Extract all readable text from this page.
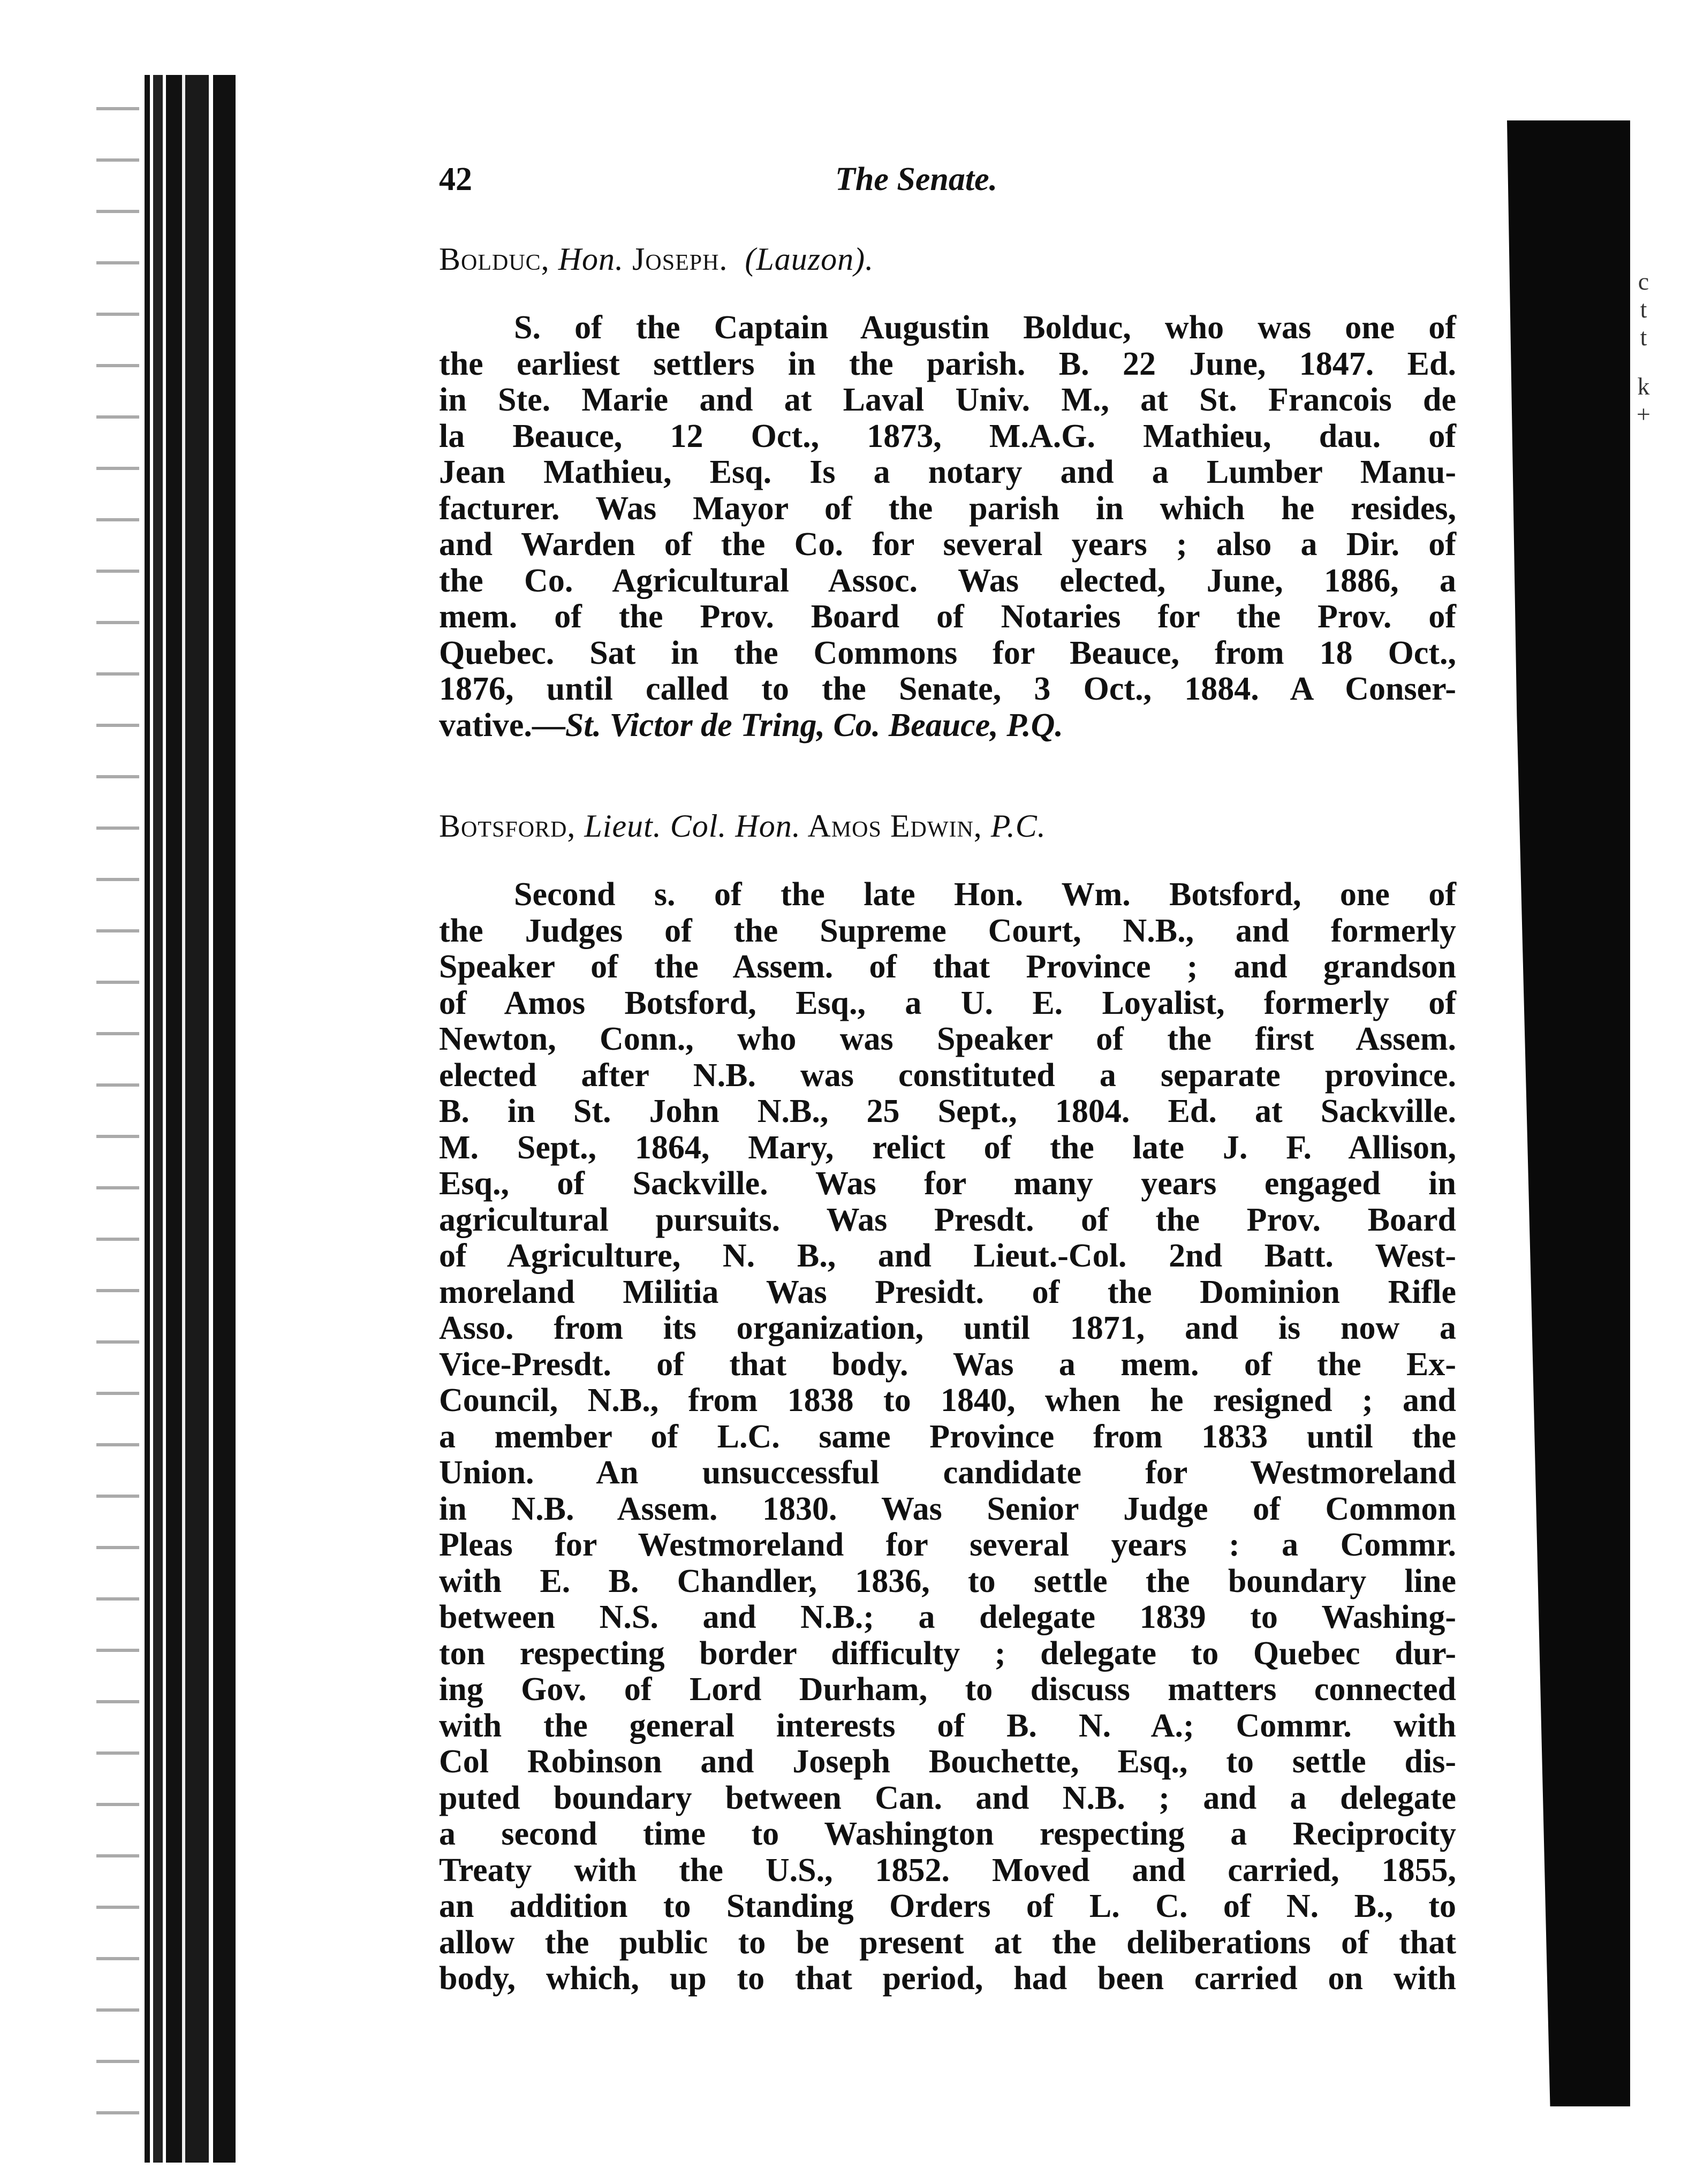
c
t
t
k
+
42	The Senate.
Bolduc, Hon. Joseph. (Lauzon).
S. of the Captain Augustin Bolduc, who was one of
the earliest settlers in the parish. B. 22 June, 1847. Ed.
in Ste. Marie and at Laval Univ. M., at St. Francois de
la Beauce, 12 Oct., 1873, M.A.G. Mathieu, dau. of
Jean Mathieu, Esq. Is a notary and a Lumber Manu-
facturer. Was Mayor of the parish in which he resides,
and Warden of the Co. for several years ; also a Dir. of
the Co. Agricultural Assoc. Was elected, June, 1886, a
mem. of the Prov. Board of Notaries for the Prov. of
Quebec. Sat in the Commons for Beauce, from 18 Oct.,
1876, until called to the Senate, 3 Oct., 1884. A Conser-
vative.—St. Victor de Tring, Co. Beauce, P.Q.
Botsford, Lieut. Col. Hon. Amos Edwin, P.C.
Second s. of the late Hon. Wm. Botsford, one of
the Judges of the Supreme Court, N.B., and formerly
Speaker of the Assem. of that Province ; and grandson
of Amos Botsford, Esq., a U. E. Loyalist, formerly of
Newton, Conn., who was Speaker of the first Assem.
elected after N.B. was constituted a separate province.
B. in St. John N.B., 25 Sept., 1804. Ed. at Sackville.
M. Sept., 1864, Mary, relict of the late J. F. Allison,
Esq., of Sackville. Was for many years engaged in
agricultural pursuits. Was Presdt. of the Prov. Board
of Agriculture, N. B., and Lieut.-Col. 2nd Batt. West-
moreland Militia Was Presidt. of the Dominion Rifle
Asso. from its organization, until 1871, and is now a
Vice-Presdt. of that body. Was a mem. of the Ex-
Council, N.B., from 1838 to 1840, when he resigned ; and
a member of L.C. same Province from 1833 until the
Union. An unsuccessful candidate for Westmoreland
in N.B. Assem. 1830. Was Senior Judge of Common
Pleas for Westmoreland for several years : a Commr.
with E. B. Chandler, 1836, to settle the boundary line
between N.S. and N.B.; a delegate 1839 to Washing-
ton respecting border difficulty ; delegate to Quebec dur-
ing Gov. of Lord Durham, to discuss matters connected
with the general interests of B. N. A.; Commr. with
Col Robinson and Joseph Bouchette, Esq., to settle dis-
puted boundary between Can. and N.B. ; and a delegate
a second time to Washington respecting a Reciprocity
Treaty with the U.S., 1852. Moved and carried, 1855,
an addition to Standing Orders of L. C. of N. B., to
allow the public to be present at the deliberations of that
body, which, up to that period, had been carried on with
